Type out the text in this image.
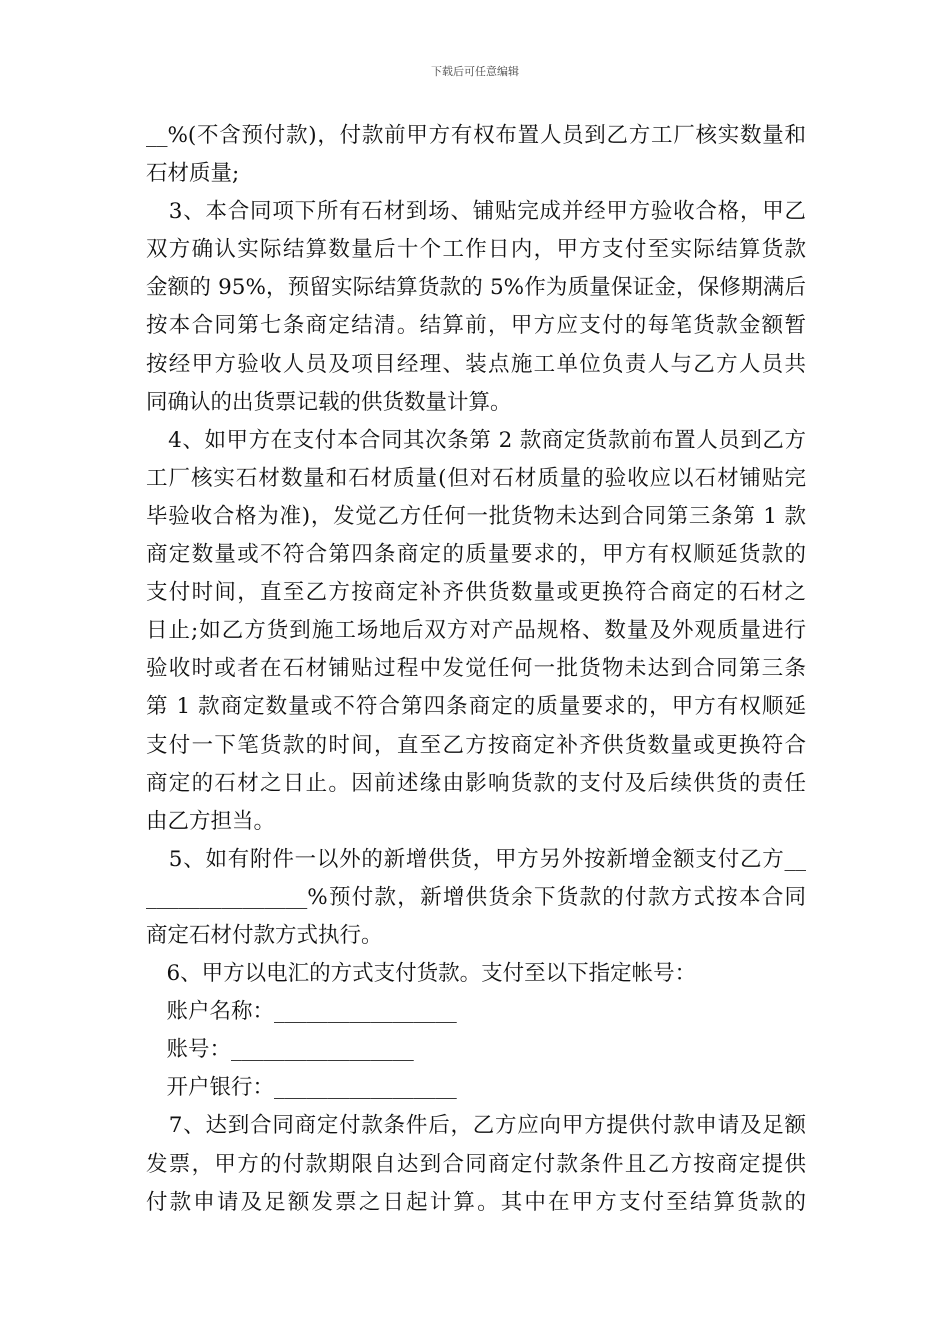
下载后可任意编辑
__%(不含预付款)，付款前甲方有权布置人员到乙方工厂核实数量和
石材质量;
3、本合同项下所有石材到场、铺贴完成并经甲方验收合格，甲乙
双方确认实际结算数量后十个工作日内，甲方支付至实际结算货款
金额的 95%，预留实际结算货款的 5%作为质量保证金，保修期满后
按本合同第七条商定结清。结算前，甲方应支付的每笔货款金额暂
按经甲方验收人员及项目经理、装点施工单位负责人与乙方人员共
同确认的出货票记载的供货数量计算。
4、如甲方在支付本合同其次条第 2 款商定货款前布置人员到乙方
工厂核实石材数量和石材质量(但对石材质量的验收应以石材铺贴完
毕验收合格为准)，发觉乙方任何一批货物未达到合同第三条第 1 款
商定数量或不符合第四条商定的质量要求的，甲方有权顺延货款的
支付时间，直至乙方按商定补齐供货数量或更换符合商定的石材之
日止;如乙方货到施工场地后双方对产品规格、数量及外观质量进行
验收时或者在石材铺贴过程中发觉任何一批货物未达到合同第三条
第 1 款商定数量或不符合第四条商定的质量要求的，甲方有权顺延
支付一下笔货款的时间，直至乙方按商定补齐供货数量或更换符合
商定的石材之日止。因前述缘由影响货款的支付及后续供货的责任
由乙方担当。
5、如有附件一以外的新增供货，甲方另外按新增金额支付乙方__
_______________%预付款，新增供货余下货款的付款方式按本合同
商定石材付款方式执行。
6、甲方以电汇的方式支付货款。支付至以下指定帐号：
账户名称：_________________
账号：_________________
开户银行：_________________
7、达到合同商定付款条件后，乙方应向甲方提供付款申请及足额
发票，甲方的付款期限自达到合同商定付款条件且乙方按商定提供
付款申请及足额发票之日起计算。其中在甲方支付至结算货款的
